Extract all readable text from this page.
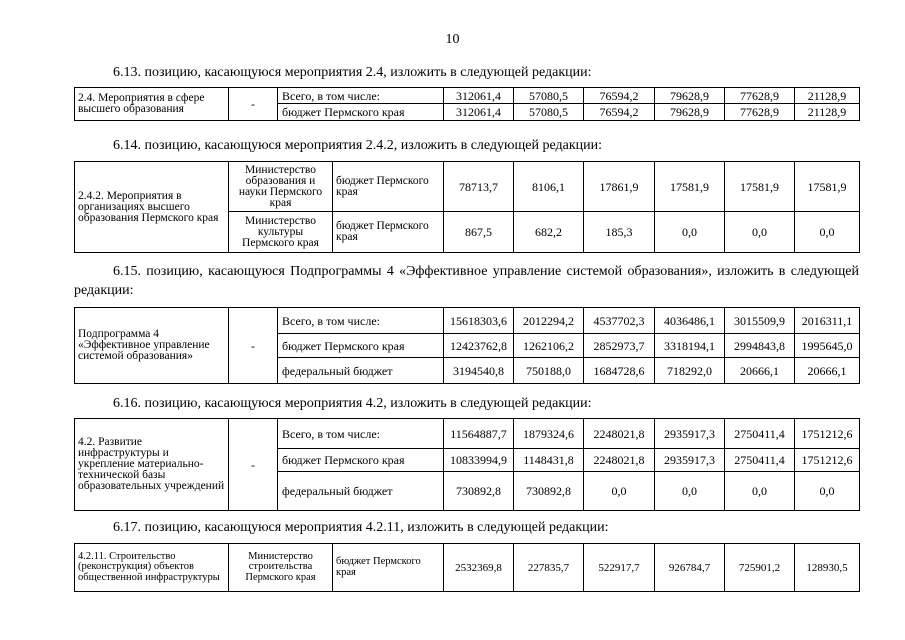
10
6.13. позицию, касающуюся мероприятия 2.4, изложить в следующей редакции:
2.4. Мероприятия в сфере высшего образования	-	Всего, в том числе:	312061,4	57080,5	76594,2	79628,9	77628,9	21128,9
		бюджет Пермского края	312061,4	57080,5	76594,2	79628,9	77628,9	21128,9
6.14. позицию, касающуюся мероприятия 2.4.2, изложить в следующей редакции:
2.4.2. Мероприятия в организациях высшего образования Пермского края	Министерство образования и науки Пермского края	бюджет Пермского края	78713,7	8106,1	17861,9	17581,9	17581,9	17581,9
	Министерство культуры Пермского края	бюджет Пермского края	867,5	682,2	185,3	0,0	0,0	0,0
6.15. позицию, касающуюся Подпрограммы 4 «Эффективное управление системой образования», изложить в следующей редакции:
Подпрограмма 4 «Эффективное управление системой образования»	-	Всего, в том числе:	15618303,6	2012294,2	4537702,3	4036486,1	3015509,9	2016311,1
		бюджет Пермского края	12423762,8	1262106,2	2852973,7	3318194,1	2994843,8	1995645,0
		федеральный бюджет	3194540,8	750188,0	1684728,6	718292,0	20666,1	20666,1
6.16. позицию, касающуюся мероприятия 4.2, изложить в следующей редакции:
4.2. Развитие инфраструктуры и укрепление материально-технической базы образовательных учреждений	-	Всего, в том числе:	11564887,7	1879324,6	2248021,8	2935917,3	2750411,4	1751212,6
		бюджет Пермского края	10833994,9	1148431,8	2248021,8	2935917,3	2750411,4	1751212,6
		федеральный бюджет	730892,8	730892,8	0,0	0,0	0,0	0,0
6.17. позицию, касающуюся мероприятия 4.2.11, изложить в следующей редакции:
4.2.11. Строительство (реконструкция) объектов общественной инфраструктуры	Министерство строительства Пермского края	бюджет Пермского края	2532369,8	227835,7	522917,7	926784,7	725901,2	128930,5
